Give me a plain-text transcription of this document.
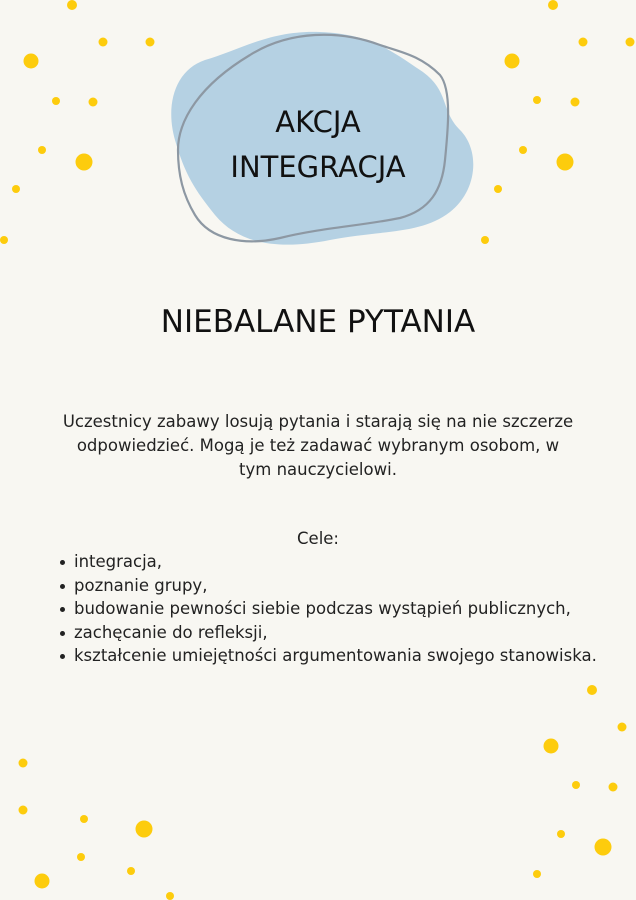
AKCJA
INTEGRACJA
NIEBALANE PYTANIA
Uczestnicy zabawy losują pytania i starają się na nie szczerze odpowiedzieć. Mogą je też zadawać wybranym osobom, w tym nauczycielowi.
Cele:
integracja,
poznanie grupy,
budowanie pewności siebie podczas wystąpień publicznych,
zachęcanie do refleksji,
kształcenie umiejętności argumentowania swojego stanowiska.
